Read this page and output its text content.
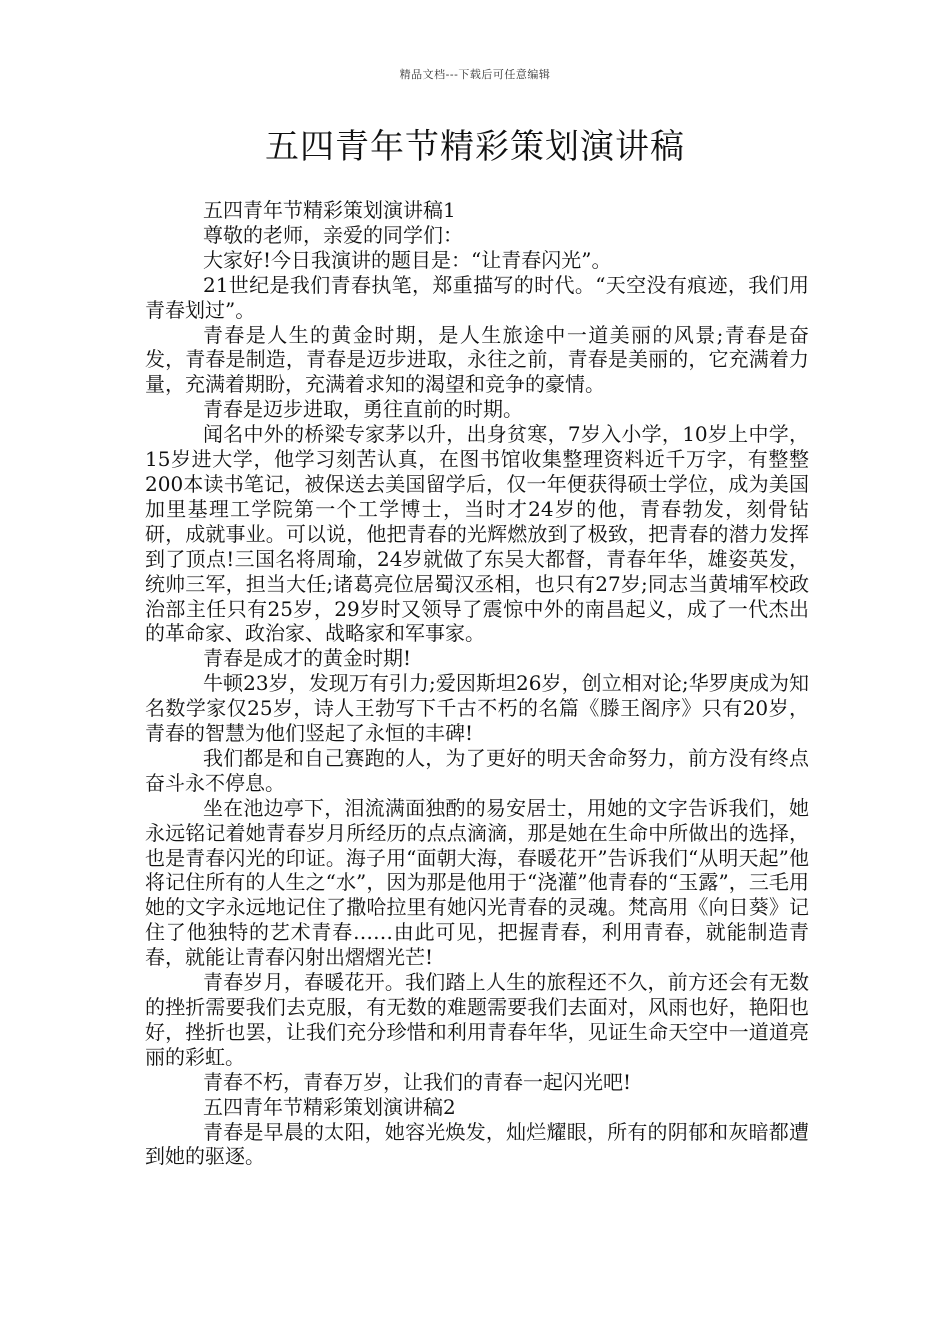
精品文档---下载后可任意编辑
五四青年节精彩策划演讲稿

五四青年节精彩策划演讲稿1

尊敬的老师，亲爱的同学们：

大家好!今日我演讲的题目是：“让青春闪光”。

21世纪是我们青春执笔，郑重描写的时代。“天空没有痕迹，我们用青春划过”。

青春是人生的黄金时期，是人生旅途中一道美丽的风景;青春是奋发，青春是制造，青春是迈步进取，永往之前，青春是美丽的，它充满着力量，充满着期盼，充满着求知的渴望和竞争的豪情。

青春是迈步进取，勇往直前的时期。

闻名中外的桥梁专家茅以升，出身贫寒，7岁入小学，10岁上中学，15岁进大学，他学习刻苦认真，在图书馆收集整理资料近千万字，有整整200本读书笔记，被保送去美国留学后，仅一年便获得硕士学位，成为美国加里基理工学院第一个工学博士，当时才24岁的他，青春勃发，刻骨钻研，成就事业。可以说，他把青春的光辉燃放到了极致，把青春的潜力发挥到了顶点!三国名将周瑜，24岁就做了东吴大都督，青春年华，雄姿英发，统帅三军，担当大任;诸葛亮位居蜀汉丞相，也只有27岁;同志当黄埔军校政治部主任只有25岁，29岁时又领导了震惊中外的南昌起义，成了一代杰出的革命家、政治家、战略家和军事家。

青春是成才的黄金时期!

牛顿23岁，发现万有引力;爱因斯坦26岁，创立相对论;华罗庚成为知名数学家仅25岁，诗人王勃写下千古不朽的名篇《滕王阁序》只有20岁，青春的智慧为他们竖起了永恒的丰碑!

我们都是和自己赛跑的人，为了更好的明天舍命努力，前方没有终点奋斗永不停息。

坐在池边亭下，泪流满面独酌的易安居士，用她的文字告诉我们，她永远铭记着她青春岁月所经历的点点滴滴，那是她在生命中所做出的选择，也是青春闪光的印证。海子用“面朝大海，春暖花开”告诉我们“从明天起”他将记住所有的人生之“水”，因为那是他用于“浇灌”他青春的“玉露”，三毛用她的文字永远地记住了撒哈拉里有她闪光青春的灵魂。梵高用《向日葵》记住了他独特的艺术青春……由此可见，把握青春，利用青春，就能制造青春，就能让青春闪射出熠熠光芒!

青春岁月，春暖花开。我们踏上人生的旅程还不久，前方还会有无数的挫折需要我们去克服，有无数的难题需要我们去面对，风雨也好，艳阳也好，挫折也罢，让我们充分珍惜和利用青春年华，见证生命天空中一道道亮丽的彩虹。

青春不朽，青春万岁，让我们的青春一起闪光吧!

五四青年节精彩策划演讲稿2

青春是早晨的太阳，她容光焕发，灿烂耀眼，所有的阴郁和灰暗都遭到她的驱逐。
